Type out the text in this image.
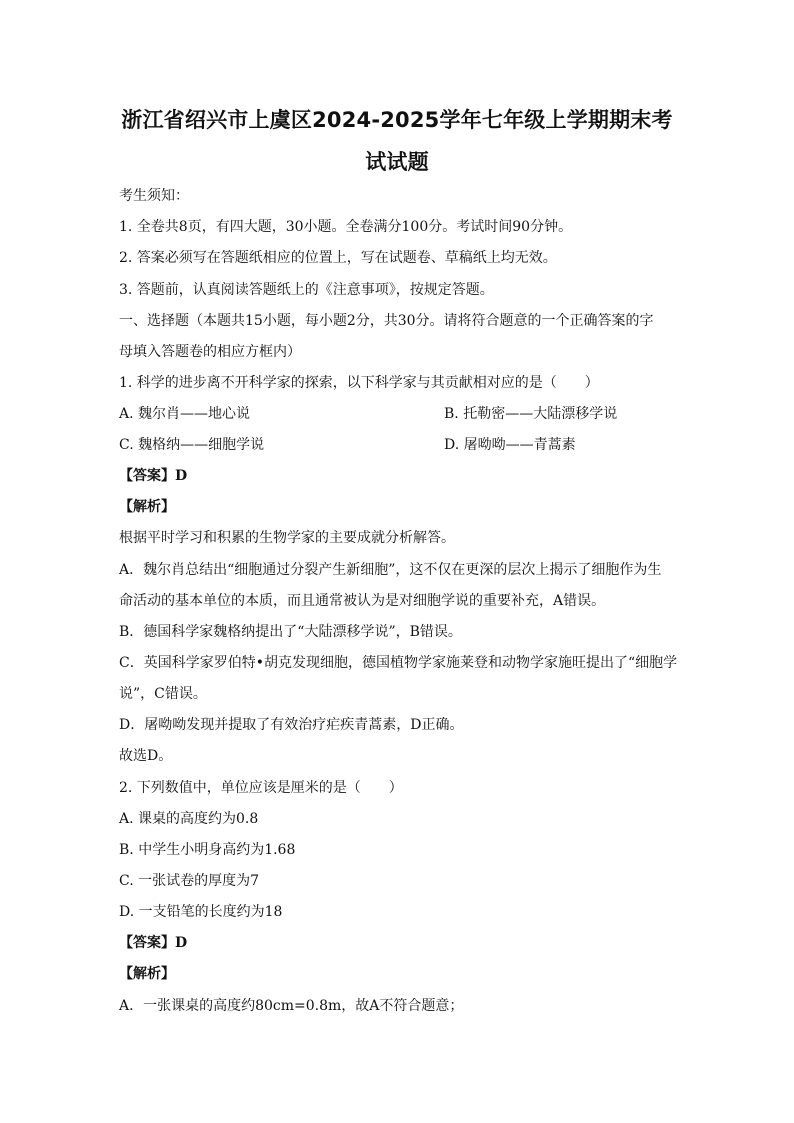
浙江省绍兴市上虞区2024-2025学年七年级上学期期末考
试试题
考生须知：
1. 全卷共8页，有四大题，30小题。全卷满分100分。考试时间90分钟。
2. 答案必须写在答题纸相应的位置上，写在试题卷、草稿纸上均无效。
3. 答题前，认真阅读答题纸上的《注意事项》，按规定答题。
一、选择题（本题共15小题，每小题2分，共30分。请将符合题意的一个正确答案的字
母填入答题卷的相应方框内）
1. 科学的进步离不开科学家的探索，以下科学家与其贡献相对应的是（　　）
A. 魏尔肖——地心说	B. 托勒密——大陆漂移学说
C. 魏格纳——细胞学说	D. 屠呦呦——青蒿素
【答案】D
【解析】
根据平时学习和积累的生物学家的主要成就分析解答。
A．魏尔肖总结出“细胞通过分裂产生新细胞”，这不仅在更深的层次上揭示了细胞作为生
命活动的基本单位的本质，而且通常被认为是对细胞学说的重要补充，A错误。
B．德国科学家魏格纳提出了“大陆漂移学说”，B错误。
C．英国科学家罗伯特•胡克发现细胞，德国植物学家施莱登和动物学家施旺提出了“细胞学
说”，C错误。
D．屠呦呦发现并提取了有效治疗疟疾青蒿素，D正确。
故选D。
2. 下列数值中，单位应该是厘米的是（　　）
A. 课桌的高度约为0.8
B. 中学生小明身高约为1.68
C. 一张试卷的厚度为7
D. 一支铅笔的长度约为18
【答案】D
【解析】
A．一张课桌的高度约80cm=0.8m，故A不符合题意；
